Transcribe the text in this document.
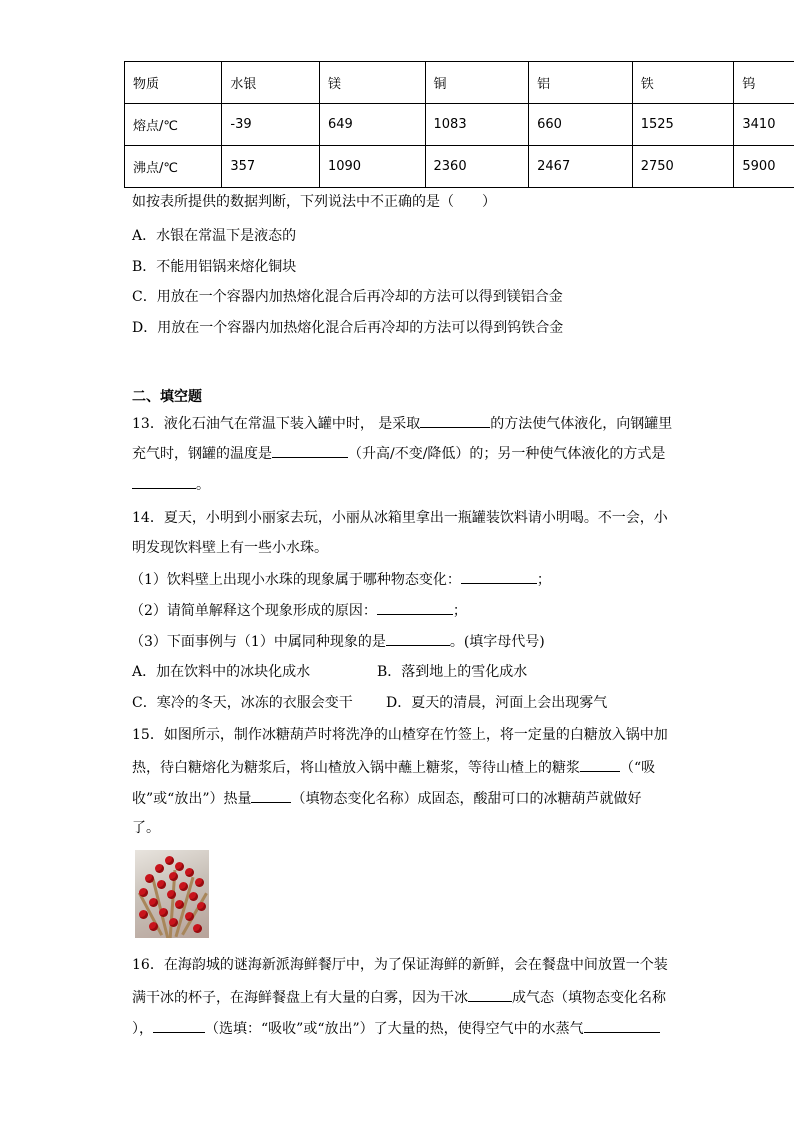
物质	水银	镁	铜	铝	铁	钨
熔点/℃	-39	649	1083	660	1525	3410
沸点/℃	357	1090	2360	2467	2750	5900
如按表所提供的数据判断，下列说法中不正确的是（　　）
A．水银在常温下是液态的
B．不能用铝锅来熔化铜块
C．用放在一个容器内加热熔化混合后再冷却的方法可以得到镁铝合金
D．用放在一个容器内加热熔化混合后再冷却的方法可以得到钨铁合金
二、填空题
13．液化石油气在常温下装入罐中时， 是采取	的方法使气体液化，向钢罐里
充气时，钢罐的温度是	（升高/不变/降低）的；另一种使气体液化的方式是
。
14．夏天，小明到小丽家去玩，小丽从冰箱里拿出一瓶罐装饮料请小明喝。不一会，小
明发现饮料壁上有一些小水珠。
（1）饮料壁上出现小水珠的现象属于哪种物态变化：	；
（2）请简单解释这个现象形成的原因：	；
（3）下面事例与（1）中属同种现象的是	。(填字母代号)
A．加在饮料中的冰块化成水	B．落到地上的雪化成水
C．寒冷的冬天，冰冻的衣服会变干 D．夏天的清晨，河面上会出现雾气
15．如图所示，制作冰糖葫芦时将洗净的山楂穿在竹签上，将一定量的白糖放入锅中加
热，待白糖熔化为糖浆后，将山楂放入锅中蘸上糖浆，等待山楂上的糖浆	（“吸
收”或“放出”）热量	（填物态变化名称）成固态，酸甜可口的冰糖葫芦就做好
了。
16．在海韵城的谜海新派海鲜餐厅中，为了保证海鲜的新鲜，会在餐盘中间放置一个装
满干冰的杯子，在海鲜餐盘上有大量的白雾，因为干冰	成气态（填物态变化名称
），	（选填：“吸收”或“放出”）了大量的热，使得空气中的水蒸气
